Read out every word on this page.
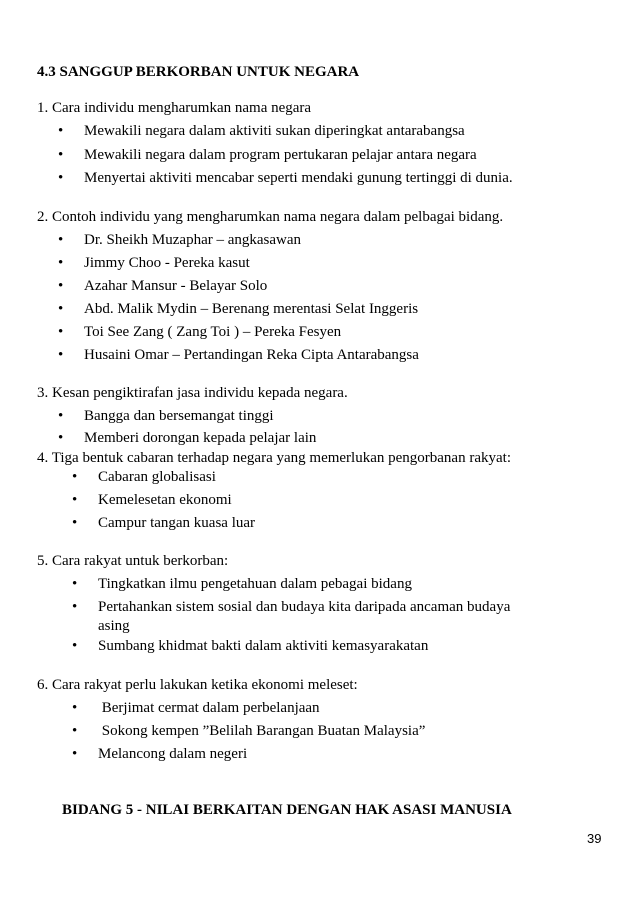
4.3 SANGGUP BERKORBAN UNTUK NEGARA
1. Cara individu mengharumkan nama negara
• Mewakili negara dalam aktiviti sukan diperingkat antarabangsa
• Mewakili negara dalam program pertukaran pelajar antara negara
• Menyertai aktiviti mencabar seperti mendaki gunung tertinggi di dunia.
2. Contoh individu yang mengharumkan nama negara dalam pelbagai bidang.
• Dr. Sheikh Muzaphar – angkasawan
• Jimmy Choo - Pereka kasut
• Azahar Mansur - Belayar Solo
• Abd. Malik Mydin – Berenang merentasi Selat Inggeris
• Toi See Zang ( Zang Toi ) – Pereka Fesyen
• Husaini Omar – Pertandingan Reka Cipta Antarabangsa
3. Kesan pengiktirafan jasa individu kepada negara.
• Bangga dan bersemangat tinggi
• Memberi dorongan kepada pelajar lain
4. Tiga bentuk cabaran terhadap negara yang memerlukan pengorbanan rakyat:
• Cabaran globalisasi
• Kemelesetan ekonomi
• Campur tangan kuasa luar
5. Cara rakyat untuk berkorban:
• Tingkatkan ilmu pengetahuan dalam pebagai bidang
• Pertahankan sistem sosial dan budaya kita daripada ancaman budaya
asing
• Sumbang khidmat bakti dalam aktiviti kemasyarakatan
6. Cara rakyat perlu lakukan ketika ekonomi meleset:
• Berjimat cermat dalam perbelanjaan
• Sokong kempen ”Belilah Barangan Buatan Malaysia”
• Melancong dalam negeri
BIDANG 5 - NILAI BERKAITAN DENGAN HAK ASASI MANUSIA
39
